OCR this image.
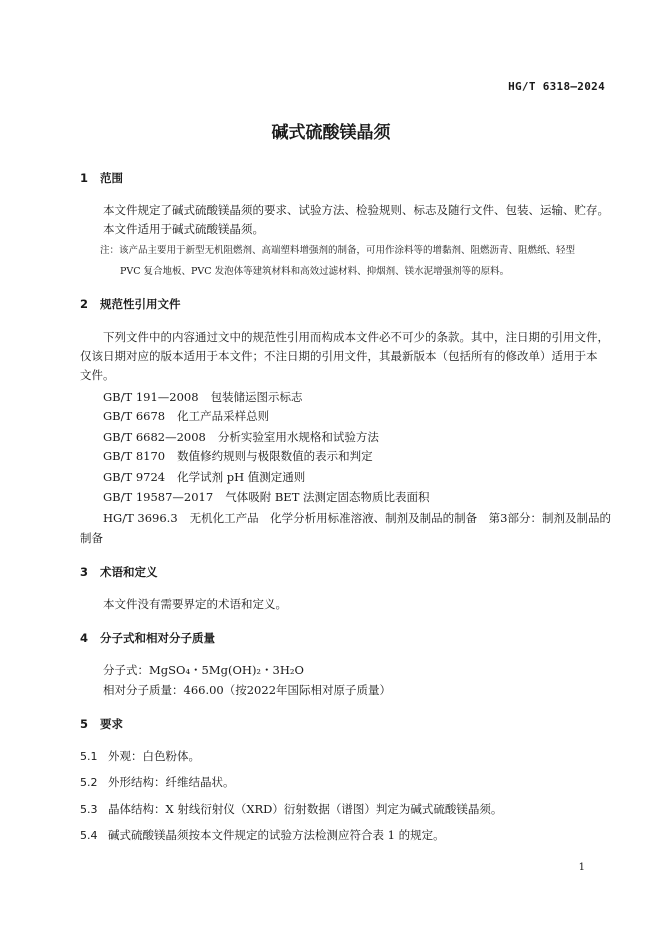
HG/T 6318—2024
碱式硫酸镁晶须
1 范围
本文件规定了碱式硫酸镁晶须的要求、试验方法、检验规则、标志及随行文件、包装、运输、贮存。
本文件适用于碱式硫酸镁晶须。
注：该产品主要用于新型无机阻燃剂、高端塑料增强剂的制备，可用作涂料等的增黏剂、阻燃沥青、阻燃纸、轻型
PVC 复合地板、PVC 发泡体等建筑材料和高效过滤材料、抑烟剂、镁水泥增强剂等的原料。
2 规范性引用文件
下列文件中的内容通过文中的规范性引用而构成本文件必不可少的条款。其中，注日期的引用文件，
仅该日期对应的版本适用于本文件；不注日期的引用文件，其最新版本（包括所有的修改单）适用于本
文件。
GB/T 191—2008 包装储运图示标志
GB/T 6678 化工产品采样总则
GB/T 6682—2008 分析实验室用水规格和试验方法
GB/T 8170 数值修约规则与极限数值的表示和判定
GB/T 9724 化学试剂 pH 值测定通则
GB/T 19587—2017 气体吸附 BET 法测定固态物质比表面积
HG/T 3696.3 无机化工产品　化学分析用标准溶液、制剂及制品的制备　第3部分：制剂及制品的
制备
3 术语和定义
本文件没有需要界定的术语和定义。
4 分子式和相对分子质量
分子式：MgSO₄・5Mg(OH)₂・3H₂O
相对分子质量：466.00（按2022年国际相对原子质量）
5 要求
5.1 外观：白色粉体。
5.2 外形结构：纤维结晶状。
5.3 晶体结构：X 射线衍射仪（XRD）衍射数据（谱图）判定为碱式硫酸镁晶须。
5.4 碱式硫酸镁晶须按本文件规定的试验方法检测应符合表 1 的规定。
1
